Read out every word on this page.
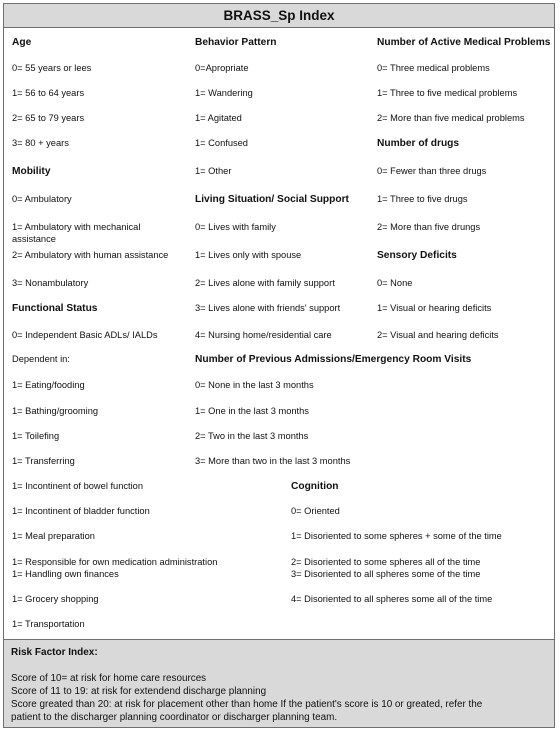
BRASS_Sp Index
Age
0= 55 years or lees
1= 56 to 64 years
2= 65 to 79 years
3= 80 + years
Mobility
0= Ambulatory
1= Ambulatory with mechanical
assistance
2= Ambulatory with human assistance
3= Nonambulatory
Functional Status
0= Independent Basic ADLs/ IALDs
Dependent in:
1= Eating/fooding
1= Bathing/grooming
1= Toilefing
1= Transferring
1= Incontinent of bowel function
1= Incontinent of bladder function
1= Meal preparation
1= Responsible for own medication administration
1= Handling own finances
1= Grocery shopping
1= Transportation
Behavior Pattern
0=Apropriate
1= Wandering
1= Agitated
1= Confused
1= Other
Living Situation/ Social Support
0= Lives with family
1= Lives only with spouse
2= Lives alone with family support
3= Lives alone with friends' support
4= Nursing home/residential care
Number of Previous Admissions/Emergency Room Visits
0= None in the last 3 months
1= One in the last 3 months
2= Two in the last 3 months
3= More than two in the last 3 months
Cognition
0= Oriented
1= Disoriented to some spheres + some of the time
2= Disoriented to some spheres all of the time
3= Disoriented to all spheres some of the time
4= Disoriented to all spheres some all of the time
Number of Active Medical Problems
0= Three medical problems
1= Three to five medical problems
2= More than five medical problems
Number of drugs
0= Fewer than three drugs
1= Three to five drugs
2= More than five drungs
Sensory Deficits
0= None
1= Visual or hearing deficits
2= Visual and hearing deficits
Risk Factor Index:
Score of 10= at risk for home care resources
Score of 11 to 19: at risk for extendend discharge planning
Score greated than 20: at risk for placement other than home If the patient's score is 10 or greated, refer the
patient to the discharger planning coordinator or discharger planning team.
